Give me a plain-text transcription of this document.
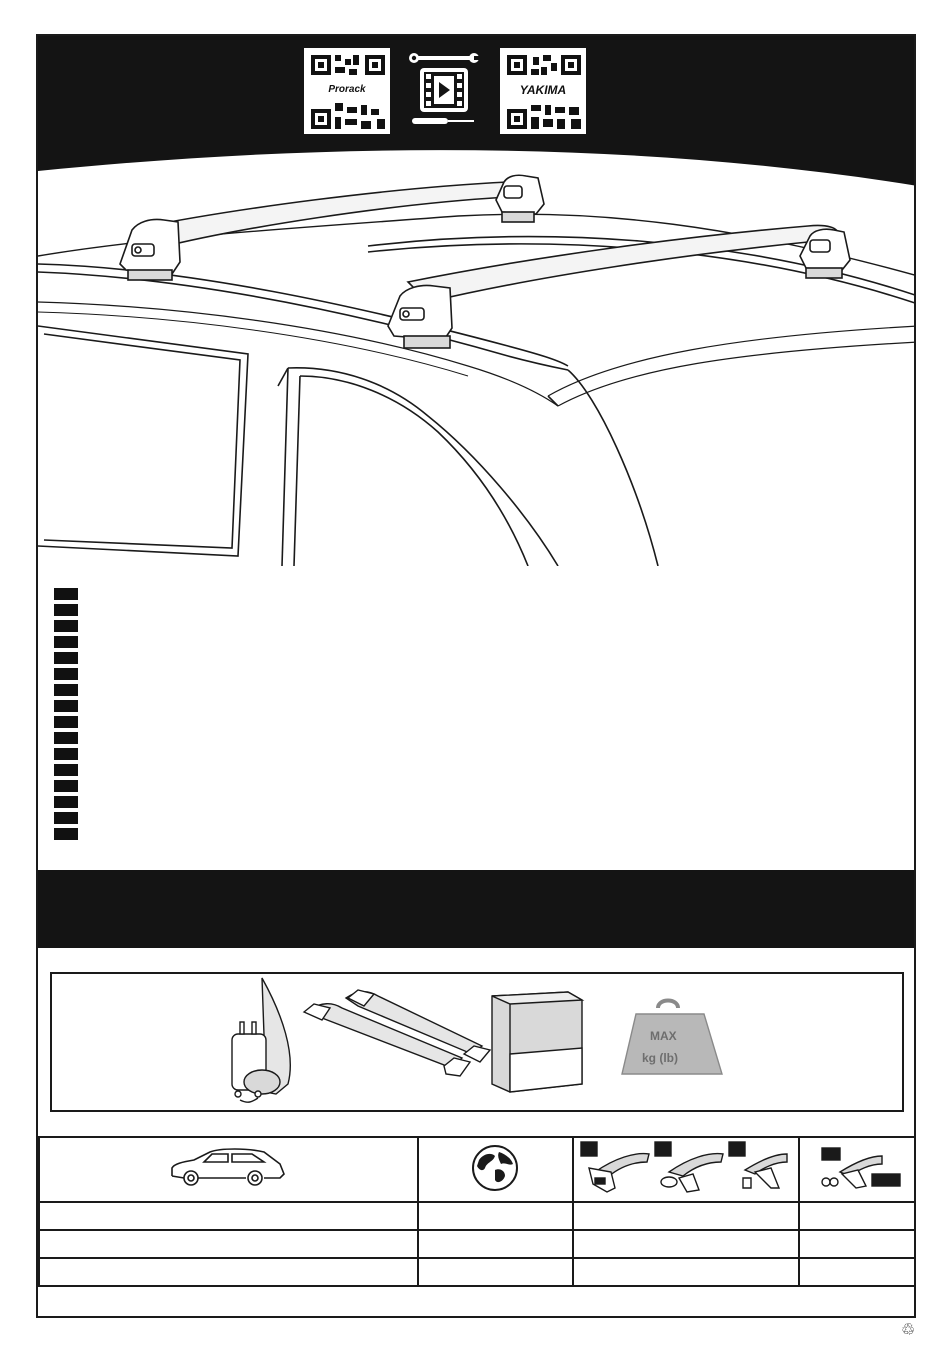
Prorack	YAKIMA
MAX
kg (lb)

♲
